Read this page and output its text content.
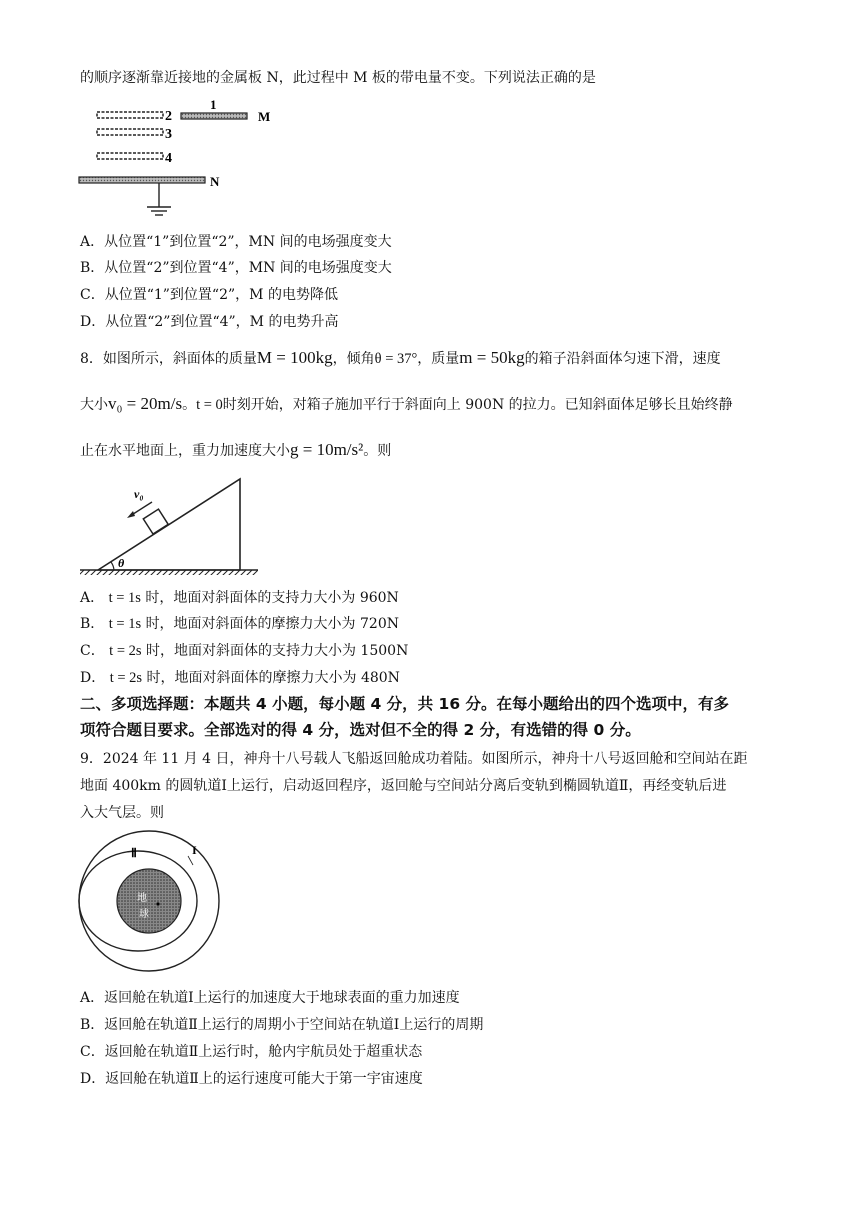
的顺序逐渐靠近接地的金属板 N，此过程中 M 板的带电量不变。下列说法正确的是
2
3
4
1
M
N
A．从位置“1”到位置“2”，MN 间的电场强度变大
B．从位置“2”到位置“4”，MN 间的电场强度变大
C．从位置“1”到位置“2”，M 的电势降低
D．从位置“2”到位置“4”，M 的电势升高
8．如图所示，斜面体的质量M = 100kg，倾角θ = 37°，质量m = 50kg的箱子沿斜面体匀速下滑，速度
大小v₀ = 20m/s。t = 0时刻开始，对箱子施加平行于斜面向上 900N 的拉力。已知斜面体足够长且始终静
止在水平地面上，重力加速度大小g = 10m/s²。则
v₀
θ
A． t = 1s 时，地面对斜面体的支持力大小为 960N
B． t = 1s 时，地面对斜面体的摩擦力大小为 720N
C． t = 2s 时，地面对斜面体的支持力大小为 1500N
D． t = 2s 时，地面对斜面体的摩擦力大小为 480N
二、多项选择题：本题共 4 小题，每小题 4 分，共 16 分。在每小题给出的四个选项中，有多
项符合题目要求。全部选对的得 4 分，选对但不全的得 2 分，有选错的得 0 分。
9．2024 年 11 月 4 日，神舟十八号载人飞船返回舱成功着陆。如图所示，神舟十八号返回舱和空间站在距
地面 400km 的圆轨道Ⅰ上运行，启动返回程序，返回舱与空间站分离后变轨到椭圆轨道Ⅱ，再经变轨后进
入大气层。则
地
球
Ⅱ	I
A．返回舱在轨道Ⅰ上运行的加速度大于地球表面的重力加速度
B．返回舱在轨道Ⅱ上运行的周期小于空间站在轨道Ⅰ上运行的周期
C．返回舱在轨道Ⅱ上运行时，舱内宇航员处于超重状态
D．返回舱在轨道Ⅱ上的运行速度可能大于第一宇宙速度
